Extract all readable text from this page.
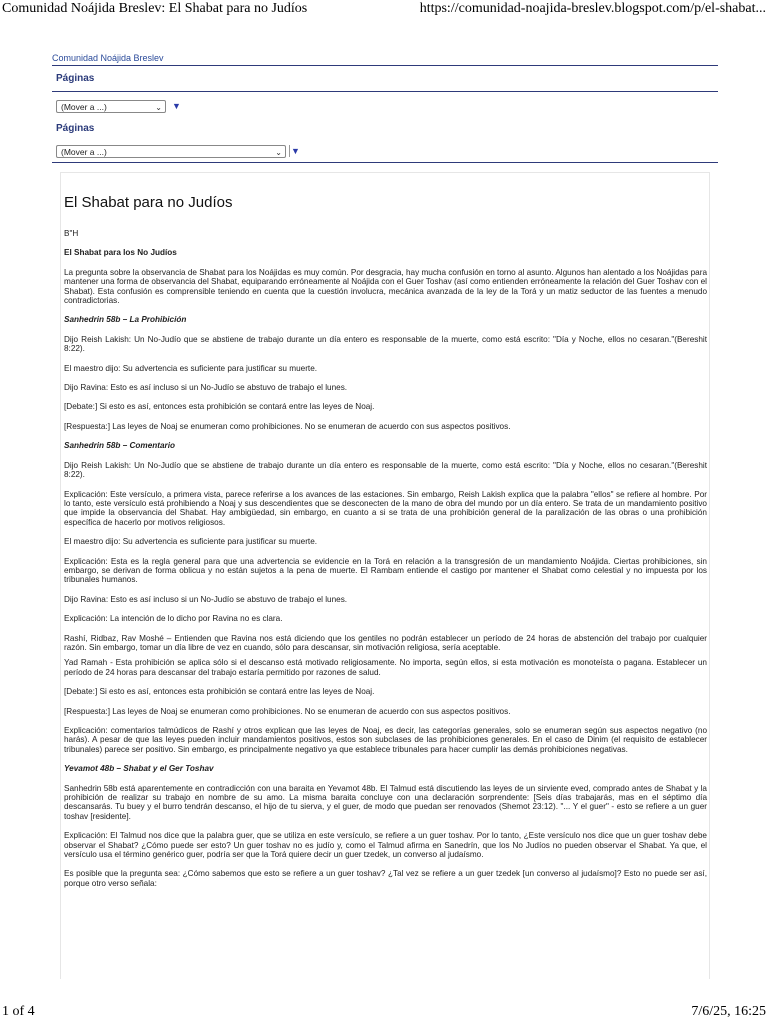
Comunidad Noájida Breslev: El Shabat para no Judíos	https://comunidad-noajida-breslev.blogspot.com/p/el-shabat...
Comunidad Noájida Breslev
Páginas
(Mover a ...)	⌄ ▼
Páginas
(Mover a ...)	⌄ ▼
El Shabat para no Judíos

B"H

El Shabat para los No Judíos

La pregunta sobre la observancia de Shabat para los Noájidas es muy común. Por desgracia, hay mucha confusión en torno al asunto. Algunos han alentado a los Noájidas para mantener una forma de observancia del Shabat, equiparando erróneamente al Noájida con el Guer Toshav (así como entienden erróneamente la relación del Guer Toshav con el Shabat). Esta confusión es comprensible teniendo en cuenta que la cuestión involucra, mecánica avanzada de la ley de la Torá y un matiz seductor de las fuentes a menudo contradictorias.

Sanhedrin 58b – La Prohibición

Dijo Reish Lakish: Un No-Judío que se abstiene de trabajo durante un día entero es responsable de la muerte, como está escrito: "Día y Noche, ellos no cesaran."(Bereshit 8:22).

El maestro dijo: Su advertencia es suficiente para justificar su muerte.

Dijo Ravina: Esto es así incluso si un No-Judío se abstuvo de trabajo el lunes.

[Debate:] Si esto es así, entonces esta prohibición se contará entre las leyes de Noaj.

[Respuesta:] Las leyes de Noaj se enumeran como prohibiciones. No se enumeran de acuerdo con sus aspectos positivos.

Sanhedrin 58b – Comentario

Dijo Reish Lakish: Un No-Judío que se abstiene de trabajo durante un día entero es responsable de la muerte, como está escrito: "Día y Noche, ellos no cesaran."(Bereshit 8:22).

Explicación: Este versículo, a primera vista, parece referirse a los avances de las estaciones. Sin embargo, Reish Lakish explica que la palabra "ellos" se refiere al hombre. Por lo tanto, este versículo está prohibiendo a Noaj y sus descendientes que se desconecten de la mano de obra del mundo por un día entero. Se trata de un mandamiento positivo que impide la observancia del Shabat. Hay ambigüedad, sin embargo, en cuanto a si se trata de una prohibición general de la paralización de las obras o una prohibición específica de hacerlo por motivos religiosos.

El maestro dijo: Su advertencia es suficiente para justificar su muerte.

Explicación: Esta es la regla general para que una advertencia se evidencie en la Torá en relación a la transgresión de un mandamiento Noájida. Ciertas prohibiciones, sin embargo, se derivan de forma oblicua y no están sujetos a la pena de muerte. El Rambam entiende el castigo por mantener el Shabat como celestial y no impuesta por los tribunales humanos.

Dijo Ravina: Esto es así incluso si un No-Judío se abstuvo de trabajo el lunes.

Explicación: La intención de lo dicho por Ravina no es clara.

Rashí, Ridbaz, Rav Moshé – Entienden que Ravina nos está diciendo que los gentiles no podrán establecer un período de 24 horas de abstención del trabajo por cualquier razón. Sin embargo, tomar un día libre de vez en cuando, sólo para descansar, sin motivación religiosa, sería aceptable.

Yad Ramah - Esta prohibición se aplica sólo si el descanso está motivado religiosamente. No importa, según ellos, si esta motivación es monoteísta o pagana. Establecer un período de 24 horas para descansar del trabajo estaría permitido por razones de salud.

[Debate:] Si esto es así, entonces esta prohibición se contará entre las leyes de Noaj.

[Respuesta:] Las leyes de Noaj se enumeran como prohibiciones. No se enumeran de acuerdo con sus aspectos positivos.

Explicación: comentarios talmúdicos de Rashí y otros explican que las leyes de Noaj, es decir, las categorías generales, solo se enumeran según sus aspectos negativo (no harás). A pesar de que las leyes pueden incluir mandamientos positivos, estos son subclases de las prohibiciones generales. En el caso de Dinim (el requisito de establecer tribunales) parece ser positivo. Sin embargo, es principalmente negativo ya que establece tribunales para hacer cumplir las demás prohibiciones negativas.

Yevamot 48b – Shabat y el Ger Toshav

Sanhedrin 58b está aparentemente en contradicción con una baraita en Yevamot 48b. El Talmud está discutiendo las leyes de un sirviente eved, comprado antes de Shabat y la prohibición de realizar su trabajo en nombre de su amo. La misma baraita concluye con una declaración sorprendente: [Seis días trabajarás, mas en el séptimo día descansarás. Tu buey y el burro tendrán descanso, el hijo de tu sierva, y el guer, de modo que puedan ser renovados (Shemot 23:12). "... Y el guer" - esto se refiere a un guer toshav [residente].

Explicación: El Talmud nos dice que la palabra guer, que se utiliza en este versículo, se refiere a un guer toshav. Por lo tanto, ¿Este versículo nos dice que un guer toshav debe observar el Shabat? ¿Cómo puede ser esto? Un guer toshav no es judío y, como el Talmud afirma en Sanedrín, que los No Judíos no pueden observar el Shabat. Ya que, el versículo usa el término genérico guer, podría ser que la Torá quiere decir un guer tzedek, un converso al judaísmo.

Es posible que la pregunta sea: ¿Cómo sabemos que esto se refiere a un guer toshav? ¿Tal vez se refiere a un guer tzedek [un converso al judaísmo]? Esto no puede ser así, porque otro verso señala:

1 of 4	7/6/25, 16:25
